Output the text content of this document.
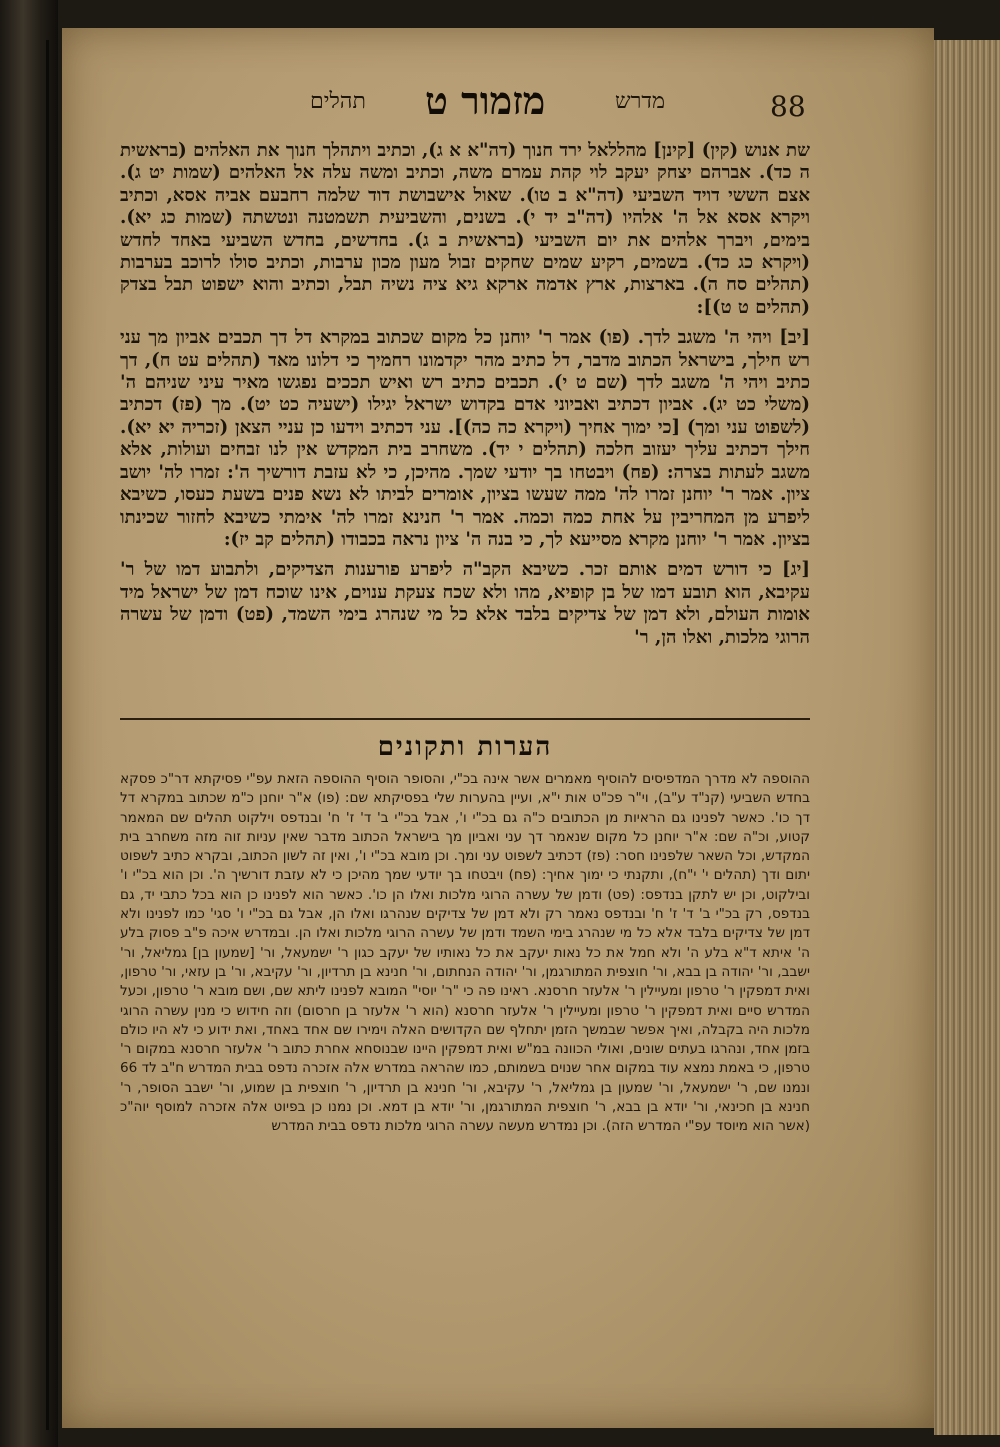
88
מדרש
מזמור ט
תהלים

שת אנוש (קין) [קינן] מהללאל ירד חנוך (דה"א א ג), וכתיב ויתהלך חנוך את האלהים (בראשית ה כד). אברהם יצחק יעקב לוי קהת עמרם משה, וכתיב ומשה עלה אל האלהים (שמות יט ג). אצם הששי דויד השביעי (דה"א ב טו). שאול אישבושת דוד שלמה רחבעם אביה אסא, וכתיב ויקרא אסא אל ה' אלהיו (דה"ב יד י). בשנים, והשביעית תשמטנה ונטשתה (שמות כג יא). בימים, ויברך אלהים את יום השביעי (בראשית ב ג). בחדשים, בחדש השביעי באחד לחדש (ויקרא כג כד). בשמים, רקיע שמים שחקים זבול מעון מכון ערבות, וכתיב סולו לרוכב בערבות (תהלים סח ה). בארצות, ארץ אדמה ארקא גיא ציה נשיה תבל, וכתיב והוא ישפוט תבל בצדק (תהלים ט ט)]:

[יב] ויהי ה' משגב לדך. (פו) אמר ר' יוחנן כל מקום שכתוב במקרא דל דך תכבים אביון מך עני רש חילך, בישראל הכתוב מדבר, דל כתיב מהר יקדמונו רחמיך כי דלונו מאד (תהלים עט ח), דך כתיב ויהי ה' משגב לדך (שם ט י). תכבים כתיב רש ואיש תככים נפגשו מאיר עיני שניהם ה' (משלי כט יג). אביון דכתיב ואביוני אדם בקדוש ישראל יגילו (ישעיה כט יט). מך (פז) דכתיב (לשפוט עני ומך) [כי ימוך אחיך (ויקרא כה כה)]. עני דכתיב וידעו כן עניי הצאן (זכריה יא יא). חילך דכתיב עליך יעזוב חלכה (תהלים י יד). משחרב בית המקדש אין לנו זבחים ועולות, אלא משגב לעתות בצרה: (פח) ויבטחו בך יודעי שמך. מהיכן, כי לא עזבת דורשיך ה': זמרו לה' יושב ציון. אמר ר' יוחנן זמרו לה' ממה שעשו בציון, אומרים לביתו לא נשא פנים בשעת כעסו, כשיבא ליפרע מן המחריבין על אחת כמה וכמה. אמר ר' חנינא זמרו לה' אימתי כשיבא לחזור שכינתו בציון. אמר ר' יוחנן מקרא מסייעא לך, כי בנה ה' ציון נראה בכבודו (תהלים קב יז):

[יג] כי דורש דמים אותם זכר. כשיבא הקב"ה ליפרע פורענות הצדיקים, ולתבוע דמו של ר' עקיבא, הוא תובע דמו של בן קופיא, מהו ולא שכח צעקת ענוים, אינו שוכח דמן של ישראל מיד אומות העולם, ולא דמן של צדיקים בלבד אלא כל מי שנהרג בימי השמד, (פט) ודמן של עשרה הרוגי מלכות, ואלו הן, ר'

הערות ותקונים

ההוספה לא מדרך המדפיסים להוסיף מאמרים אשר אינה בכ"י, והסופר הוסיף ההוספה הזאת עפ"י פסיקתא דר"כ פסקא בחדש השביעי (קנ"ד ע"ב), וי"ר פכ"ט אות י"א, ועיין בהערות שלי בפסיקתא שם: (פו) א"ר יוחנן כ"מ שכתוב במקרא דל דך כו'. כאשר לפנינו גם הראיות מן הכתובים כ"ה גם בכ"י ו', אבל בכ"י ב' ד' ז' ח' ובנדפס וילקוט תהלים שם המאמר קטוע, וכ"ה שם: א"ר יוחנן כל מקום שנאמר דך עני ואביון מך בישראל הכתוב מדבר שאין עניות זוה מזה משחרב בית המקדש, וכל השאר שלפנינו חסר: (פז) דכתיב לשפוט עני ומך. וכן מובא בכ"י ו', ואין זה לשון הכתוב, ובקרא כתיב לשפוט יתום ודך (תהלים י' י"ח), ותקנתי כי ימוך אחיך: (פח) ויבטחו בך יודעי שמך מהיכן כי לא עזבת דורשיך ה'. וכן הוא בכ"י ו' ובילקוט, וכן יש לתקן בנדפס: (פט) ודמן של עשרה הרוגי מלכות ואלו הן כו'. כאשר הוא לפנינו כן הוא בכל כתבי יד, גם בנדפס, רק בכ"י ב' ד' ז' ח' ובנדפס נאמר רק ולא דמן של צדיקים שנהרגו ואלו הן, אבל גם בכ"י ו' סגי' כמו לפנינו ולא דמן של צדיקים בלבד אלא כל מי שנהרג בימי השמד ודמן של עשרה הרוגי מלכות ואלו הן. ובמדרש איכה פ"ב פסוק בלע ה' איתא ד"א בלע ה' ולא חמל את כל נאות יעקב את כל נאותיו של יעקב כגון ר' ישמעאל, ור' [שמעון בן] גמליאל, ור' ישבב, ור' יהודה בן בבא, ור' חוצפית המתורגמן, ור' יהודה הנחתום, ור' חנינא בן תרדיון, ור' עקיבא, ור' בן עזאי, ור' טרפון, ואית דמפקין ר' טרפון ומעיילין ר' אלעזר חרסנא. ראינו פה כי "ר' יוסי" המובא לפנינו ליתא שם, ושם מובא ר' טרפון, וכעל המדרש סיים ואית דמפקין ר' טרפון ומעיילין ר' אלעזר חרסנא (הוא ר' אלעזר בן חרסום) וזה חידוש כי מנין עשרה הרוגי מלכות היה בקבלה, ואיך אפשר שבמשך הזמן יתחלף שם הקדושים האלה וימירו שם אחד באחד, ואת ידוע כי לא היו כולם בזמן אחד, ונהרגו בעתים שונים, ואולי הכוונה במ"ש ואית דמפקין היינו שבנוסחא אחרת כתוב ר' אלעזר חרסנא במקום ר' טרפון, כי באמת נמצא עוד במקום אחר שנוים בשמותם, כמו שהראה במדרש אלה אזכרה נדפס בבית המדרש ח"ב לד 66 ונמנו שם, ר' ישמעאל, ור' שמעון בן גמליאל, ר' עקיבא, ור' חנינא בן תרדיון, ר' חוצפית בן שמוע, ור' ישבב הסופר, ר' חנינא בן חכינאי, ור' יודא בן בבא, ר' חוצפית המתורגמן, ור' יודא בן דמא. וכן נמנו כן בפיוט אלה אזכרה למוסף יוה"כ (אשר הוא מיוסד עפ"י המדרש הזה). וכן נמדרש מעשה עשרה הרוגי מלכות נדפס בבית המדרש
